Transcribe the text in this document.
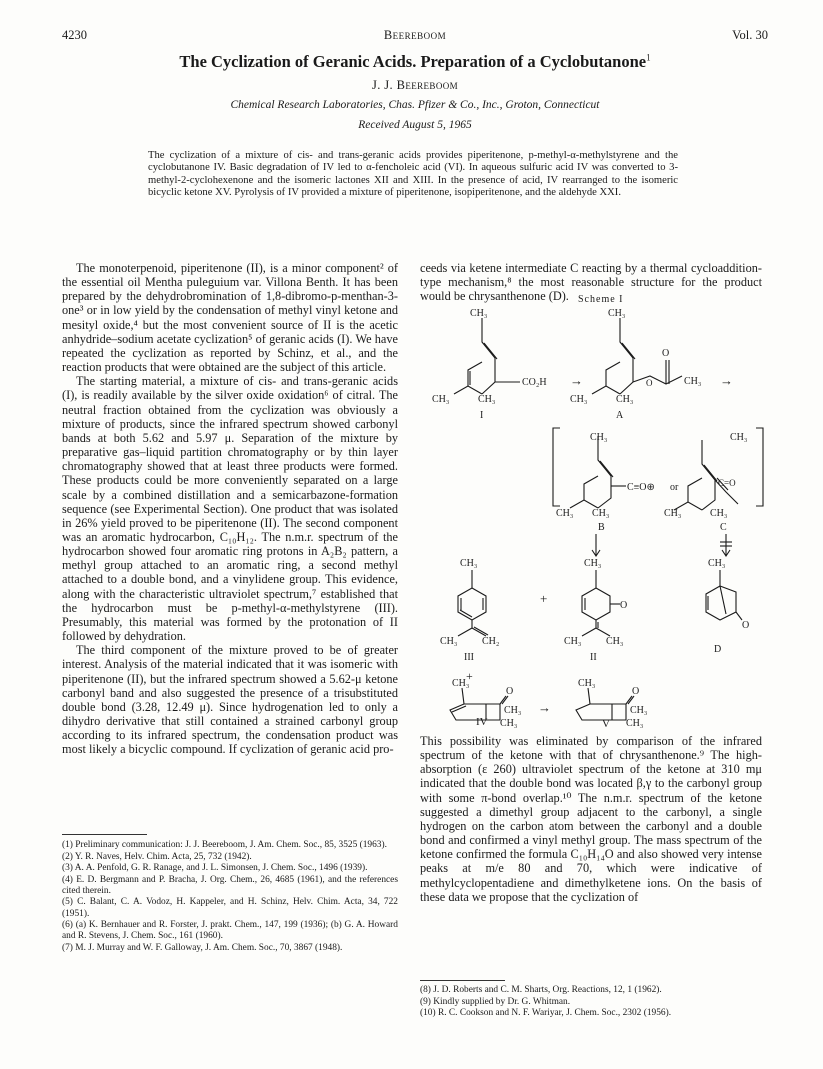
4230	Beereboom	Vol. 30
The Cyclization of Geranic Acids. Preparation of a Cyclobutanone$^1$
J. J. Beereboom
Chemical Research Laboratories, Chas. Pfizer & Co., Inc., Groton, Connecticut
Received August 5, 1965
The cyclization of a mixture of cis- and trans-geranic acids provides piperitenone, p-methyl-α-methylstyrene and the cyclobutanone IV. Basic degradation of IV led to α-fencholeic acid (VI). In aqueous sulfuric acid IV was converted to 3-methyl-2-cyclohexenone and the isomeric lactones XII and XIII. In the presence of acid, IV rearranged to the isomeric bicyclic ketone XV. Pyrolysis of IV provided a mixture of piperitenone, isopiperitenone, and the aldehyde XXI.

The monoterpenoid, piperitenone (II), is a minor component² of the essential oil Mentha puleguium var. Villona Benth. It has been prepared by the dehydrobromination of 1,8-dibromo-p-menthan-3-one³ or in low yield by the condensation of methyl vinyl ketone and mesityl oxide,⁴ but the most convenient source of II is the acetic anhydride–sodium acetate cyclization⁵ of geranic acids (I). We have repeated the cyclization as reported by Schinz, et al., and the reaction products that were obtained are the subject of this article.

The starting material, a mixture of cis- and trans-geranic acids (I), is readily available by the silver oxide oxidation⁶ of citral. The neutral fraction obtained from the cyclization was obviously a mixture of products, since the infrared spectrum showed carbonyl bands at both 5.62 and 5.97 μ. Separation of the mixture by preparative gas–liquid partition chromatography or by thin layer chromatography showed that at least three products were formed. These products could be more conveniently separated on a large scale by a combined distillation and a semicarbazone-formation sequence (see Experimental Section). One product that was isolated in 26% yield proved to be piperitenone (II). The second component was an aromatic hydrocarbon, C₁₀H₁₂. The n.m.r. spectrum of the hydrocarbon showed four aromatic ring protons in A₂B₂ pattern, a methyl group attached to an aromatic ring, a second methyl attached to a double bond, and a vinylidene group. This evidence, along with the characteristic ultraviolet spectrum,⁷ established that the hydrocarbon must be p-methyl-α-methylstyrene (III). Presumably, this material was formed by the protonation of II followed by dehydration.

The third component of the mixture proved to be of greater interest. Analysis of the material indicated that it was isomeric with piperitenone (II), but the infrared spectrum showed a 5.62-μ ketone carbonyl band and also suggested the presence of a trisubstituted double bond (3.28, 12.49 μ). Since hydrogenation led to only a dihydro derivative that still contained a strained carbonyl group according to its infrared spectrum, the condensation product was most likely a bicyclic compound. If cyclization of geranic acid pro-

ceeds via ketene intermediate C reacting by a thermal cycloaddition-type mechanism,⁸ the most reasonable structure for the product would be chrysanthenone (D). Scheme I
CH₃
CO₂H
CH₃	CH₃
I
→
CH₃
O
O	CH₃
CH₃	CH₃
A
→
CH₃
C≡O⊕ or
CH₃ CH₃
B
CH₃
C=O
CH₃	CH₃
C
CH₃
CH₃ CH₂
III
+
+
CH₃
O
CH₃ CH₃
II
CH₃
O
D
CH₃
O
CH₃
CH₃
→
CH₃
O
CH₃
CH₃
IV	V

This possibility was eliminated by comparison of the infrared spectrum of the ketone with that of chrysanthenone.⁹ The high-absorption (ε 260) ultraviolet spectrum of the ketone at 310 mμ indicated that the double bond was located β,γ to the carbonyl group with some π-bond overlap.¹⁰ The n.m.r. spectrum of the ketone suggested a dimethyl group adjacent to the carbonyl, a single hydrogen on the carbon atom between the carbonyl and a double bond and confirmed a vinyl methyl group. The mass spectrum of the ketone confirmed the formula C₁₀H₁₄O and also showed very intense peaks at m/e 80 and 70, which were indicative of methylcyclopentadiene and dimethylketene ions. On the basis of these data we propose that the cyclization of

(1) Preliminary communication: J. J. Beereboom, J. Am. Chem. Soc., 85, 3525 (1963).

(2) Y. R. Naves, Helv. Chim. Acta, 25, 732 (1942).

(3) A. A. Penfold, G. R. Ranage, and J. L. Simonsen, J. Chem. Soc., 1496 (1939).

(4) E. D. Bergmann and P. Bracha, J. Org. Chem., 26, 4685 (1961), and the references cited therein.

(5) C. Balant, C. A. Vodoz, H. Kappeler, and H. Schinz, Helv. Chim. Acta, 34, 722 (1951).

(6) (a) K. Bernhauer and R. Forster, J. prakt. Chem., 147, 199 (1936); (b) G. A. Howard and R. Stevens, J. Chem. Soc., 161 (1960).

(7) M. J. Murray and W. F. Galloway, J. Am. Chem. Soc., 70, 3867 (1948).

(8) J. D. Roberts and C. M. Sharts, Org. Reactions, 12, 1 (1962).

(9) Kindly supplied by Dr. G. Whitman.

(10) R. C. Cookson and N. F. Wariyar, J. Chem. Soc., 2302 (1956).
